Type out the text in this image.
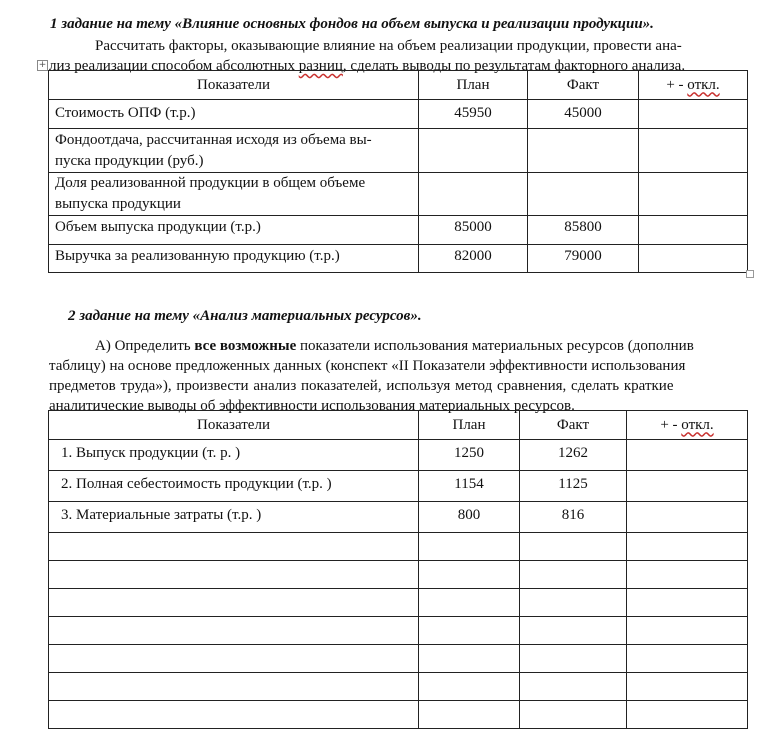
1 задание на тему «Влияние основных фондов на объем выпуска и реализации продукции».
Рассчитать факторы, оказывающие влияние на объем реализации продукции, провести ана-
лиз реализации способом абсолютных разниц, сделать выводы по результатам факторного анализа.
+
Показатели	План	Факт	+ - откл.
Стоимость ОПФ (т.р.)	45950	45000	

Фондоотдача, рассчитанная исходя из объема вы-
пуска продукции (руб.)			

Доля реализованной продукции в общем объеме
выпуска продукции			

Объем выпуска продукции (т.р.)	85000	85800	
Выручка за реализованную продукцию (т.р.)	82000	79000	
2 задание на тему «Анализ материальных ресурсов».
А) Определить все возможные показатели использования материальных ресурсов (дополнив
таблицу) на основе предложенных данных (конспект «II Показатели эффективности использования
предметов труда»), произвести анализ показателей, используя метод сравнения, сделать краткие
аналитические выводы об эффективности использования материальных ресурсов.
Показатели	План	Факт	+ - откл.
1. Выпуск продукции (т. р. )	1250	1262	
2. Полная себестоимость продукции (т.р. )	1154	1125	
3. Материальные затраты (т.р. )	800	816	
